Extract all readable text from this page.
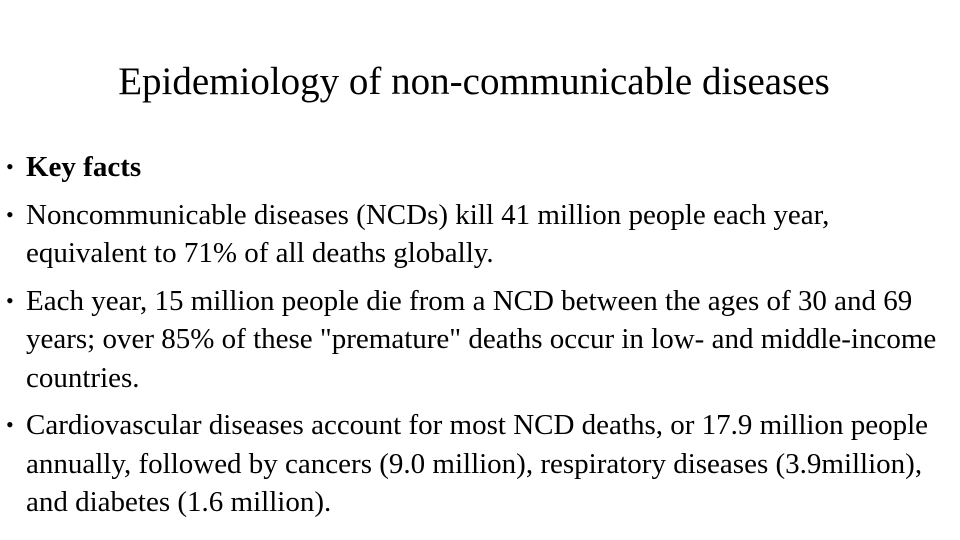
Epidemiology of non-communicable diseases
• Key facts
• Noncommunicable diseases (NCDs) kill 41 million people each year, equivalent to 71% of all deaths globally.
• Each year, 15 million people die from a NCD between the ages of 30 and 69 years; over 85% of these "premature" deaths occur in low- and middle-income countries.
• Cardiovascular diseases account for most NCD deaths, or 17.9 million people annually, followed by cancers (9.0 million), respiratory diseases (3.9million), and diabetes (1.6 million).
